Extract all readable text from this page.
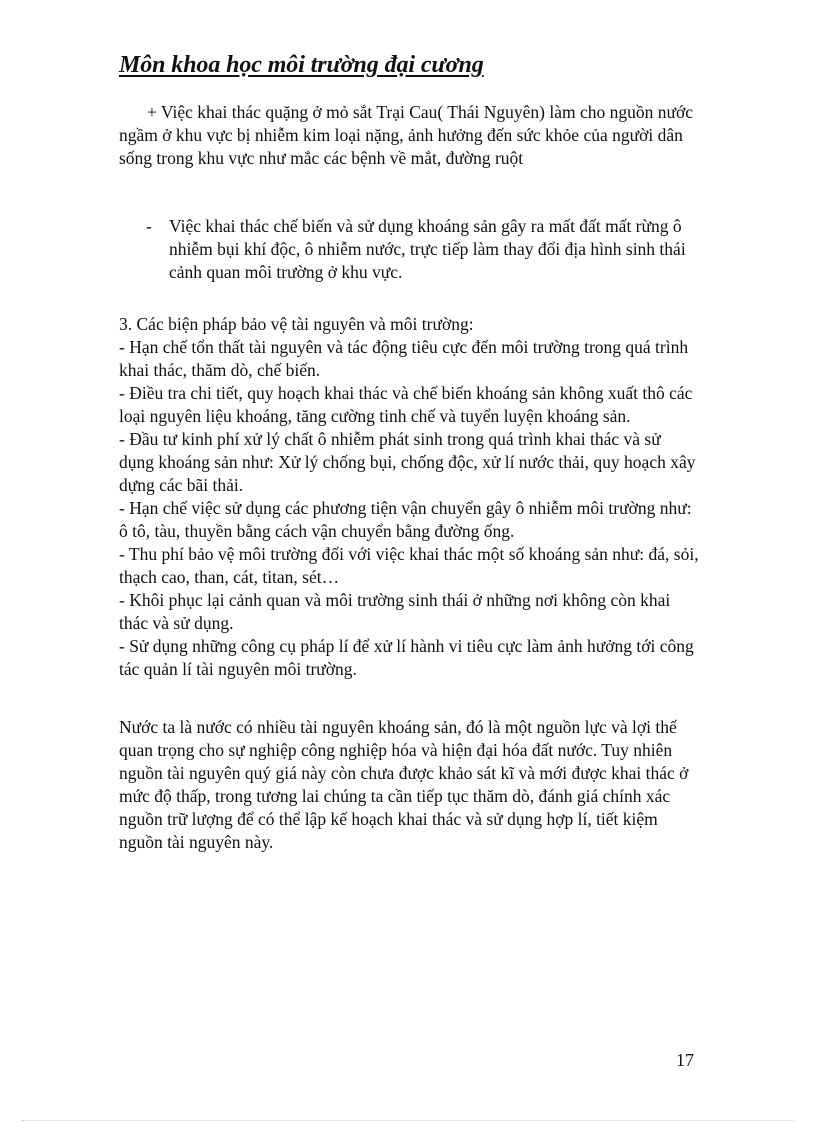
Môn khoa học môi trường đại cương

+ Việc khai thác quặng ở mỏ sắt Trại Cau( Thái Nguyên) làm cho nguồn nước ngầm ở khu vực bị nhiễm kim loại nặng, ảnh hưởng đến sức khỏe của người dân sống trong khu vực như mắc các bệnh về mắt, đường ruột

- Việc khai thác chế biến và sử dụng khoáng sản gây ra mất đất mất rừng ô nhiễm bụi khí độc, ô nhiễm nước, trực tiếp làm thay đổi địa hình sinh thái cảnh quan môi trường ở khu vực.

3. Các biện pháp bảo vệ tài nguyên và môi trường:

- Hạn chế tổn thất tài nguyên và tác động tiêu cực đến môi trường trong quá trình khai thác, thăm dò, chế biến.

- Điều tra chi tiết, quy hoạch khai thác và chế biến khoáng sản không xuất thô các loại nguyên liệu khoáng, tăng cường tinh chế và tuyển luyện khoáng sản.

- Đầu tư kinh phí xử lý chất ô nhiễm phát sinh trong quá trình khai thác và sử dụng khoáng sản như: Xử lý chống bụi, chống độc, xử lí nước thải, quy hoạch xây dựng các bãi thải.

- Hạn chế việc sử dụng các phương tiện vận chuyển gây ô nhiễm môi trường như: ô tô, tàu, thuyền bằng cách vận chuyển bằng đường ống.

- Thu phí bảo vệ môi trường đối với việc khai thác một số khoáng sản như: đá, sỏi, thạch cao, than, cát, titan, sét…

- Khôi phục lại cảnh quan và môi trường sinh thái ở những nơi không còn khai thác và sử dụng.

- Sử dụng những công cụ pháp lí để xử lí hành vi tiêu cực làm ảnh hưởng tới công tác quản lí tài nguyên môi trường.

Nước ta là nước có nhiều tài nguyên khoáng sản, đó là một nguồn lực và lợi thế quan trọng cho sự nghiệp công nghiệp hóa và hiện đại hóa đất nước. Tuy nhiên nguồn tài nguyên quý giá này còn chưa được khảo sát kĩ và mới được khai thác ở mức độ thấp, trong tương lai chúng ta cần tiếp tục thăm dò, đánh giá chính xác nguồn trữ lượng để có thể lập kế hoạch khai thác và sử dụng hợp lí, tiết kiệm nguồn tài nguyên này.

17
